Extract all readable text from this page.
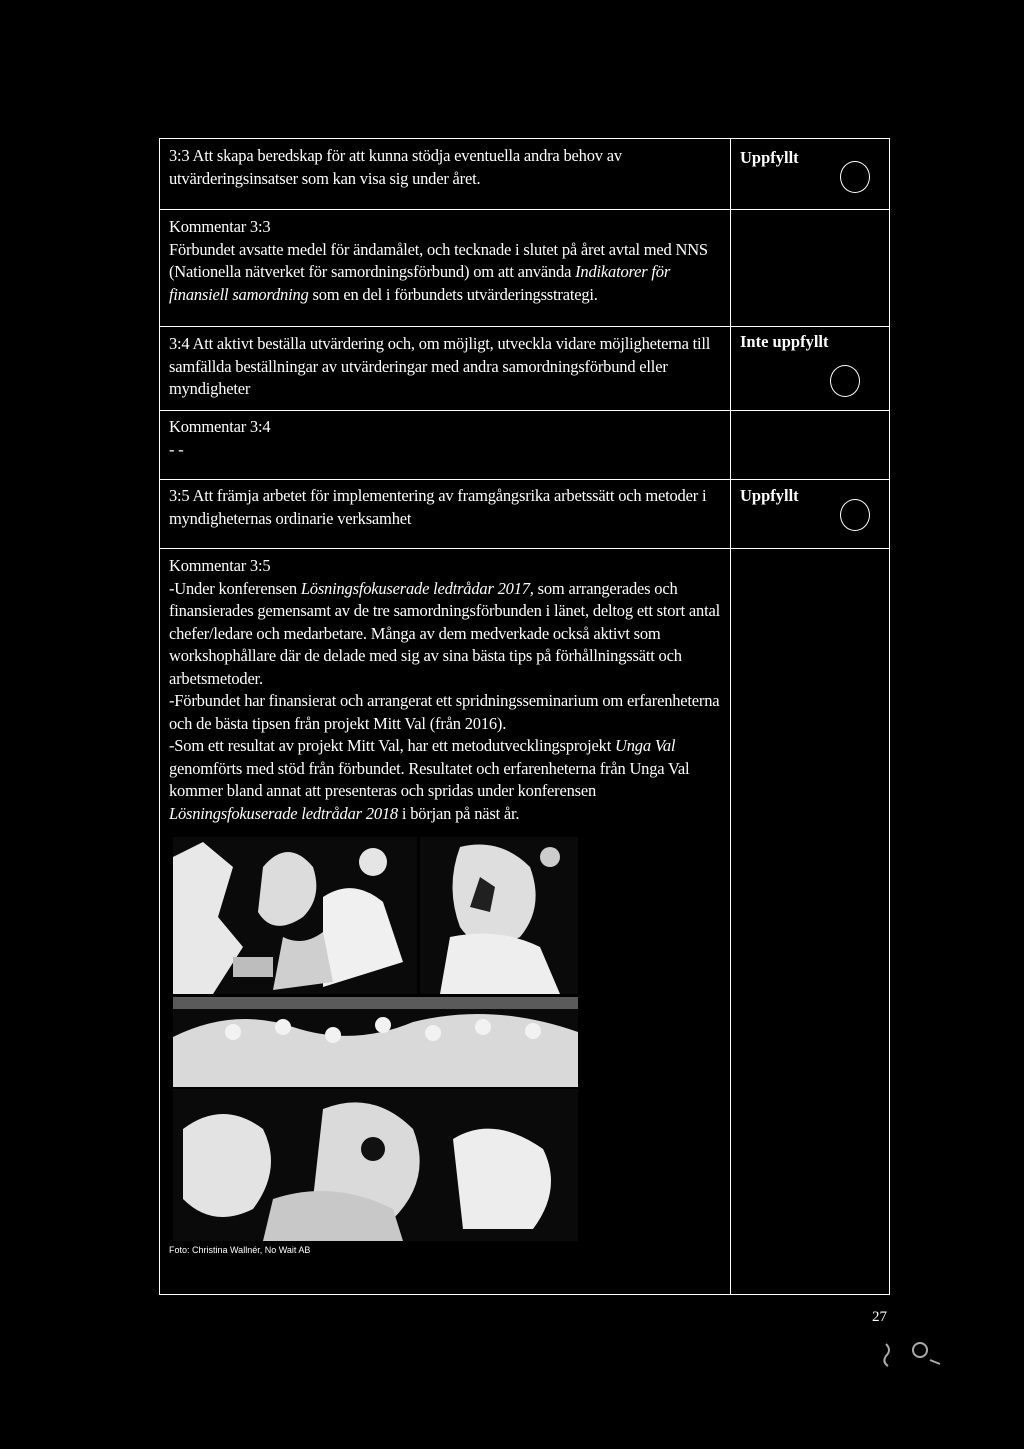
3:3 Att skapa beredskap för att kunna stödja eventuella andra behov av utvärderingsinsatser som kan visa sig under året.
Uppfyllt
Kommentar 3:3
Förbundet avsatte medel för ändamålet, och tecknade i slutet på året avtal med NNS (Nationella nätverket för samordningsförbund) om att använda Indikatorer för finansiell samordning som en del i förbundets utvärderingsstrategi.
3:4 Att aktivt beställa utvärdering och, om möjligt, utveckla vidare möjligheterna till samfällda beställningar av utvärderingar med andra samordningsförbund eller myndigheter
Inte uppfyllt
Kommentar 3:4
- -
3:5 Att främja arbetet för implementering av framgångsrika arbetssätt och metoder i myndigheternas ordinarie verksamhet
Uppfyllt
Kommentar 3:5
-Under konferensen Lösningsfokuserade ledtrådar 2017, som arrangerades och finansierades gemensamt av de tre samordningsförbunden i länet, deltog ett stort antal chefer/ledare och medarbetare. Många av dem medverkade också aktivt som workshophållare där de delade med sig av sina bästa tips på förhållningssätt och arbetsmetoder.
-Förbundet har finansierat och arrangerat ett spridningsseminarium om erfarenheterna och de bästa tipsen från projekt Mitt Val (från 2016).
-Som ett resultat av projekt Mitt Val, har ett metodutvecklingsprojekt Unga Val genomförts med stöd från förbundet. Resultatet och erfarenheterna från Unga Val kommer bland annat att presenteras och spridas under konferensen Lösningsfokuserade ledtrådar 2018 i början på näst år.
Foto: Christina Wallnér, No Wait AB
27
